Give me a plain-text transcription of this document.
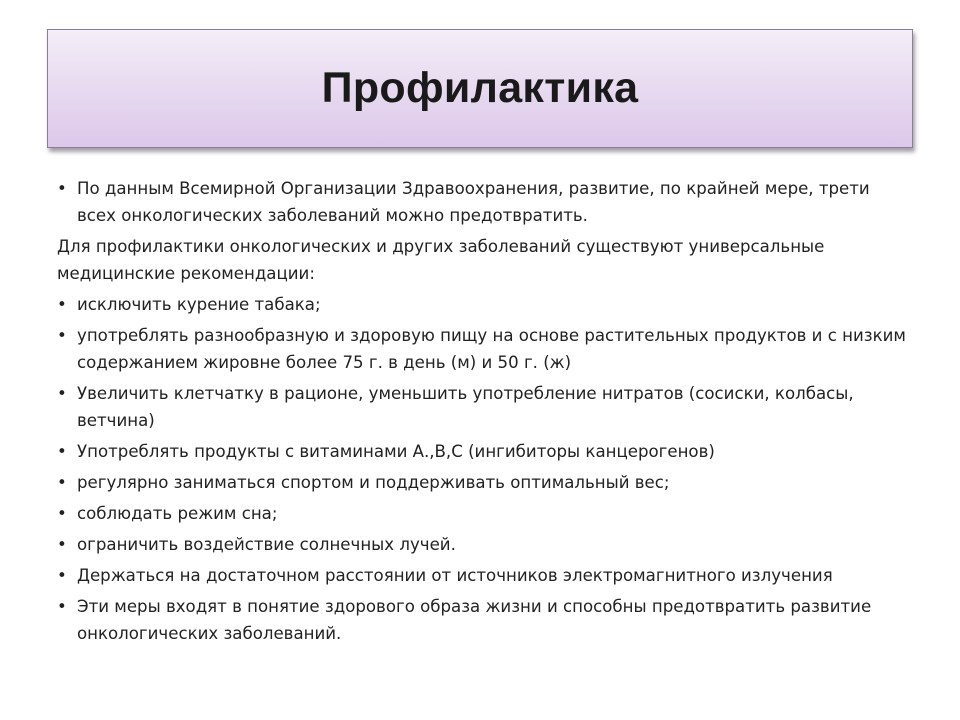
Профилактика
• По данным Всемирной Организации Здравоохранения, развитие, по крайней мере, трети всех онкологических заболеваний можно предотвратить.
Для профилактики онкологических и других заболеваний существуют универсальные медицинские рекомендации:
• исключить курение табака;
• употреблять разнообразную и здоровую пищу на основе растительных продуктов и с низким содержанием жировне более 75 г. в день (м) и 50 г. (ж)
• Увеличить клетчатку в рационе, уменьшить употребление нитратов (сосиски, колбасы, ветчина)
• Употреблять продукты с витаминами А.,В,С (ингибиторы канцерогенов)
• регулярно заниматься спортом и поддерживать оптимальный вес;
• соблюдать режим сна;
• ограничить воздействие солнечных лучей.
• Держаться на достаточном расстоянии от источников электромагнитного излучения
• Эти меры входят в понятие здорового образа жизни и способны предотвратить развитие онкологических заболеваний.
